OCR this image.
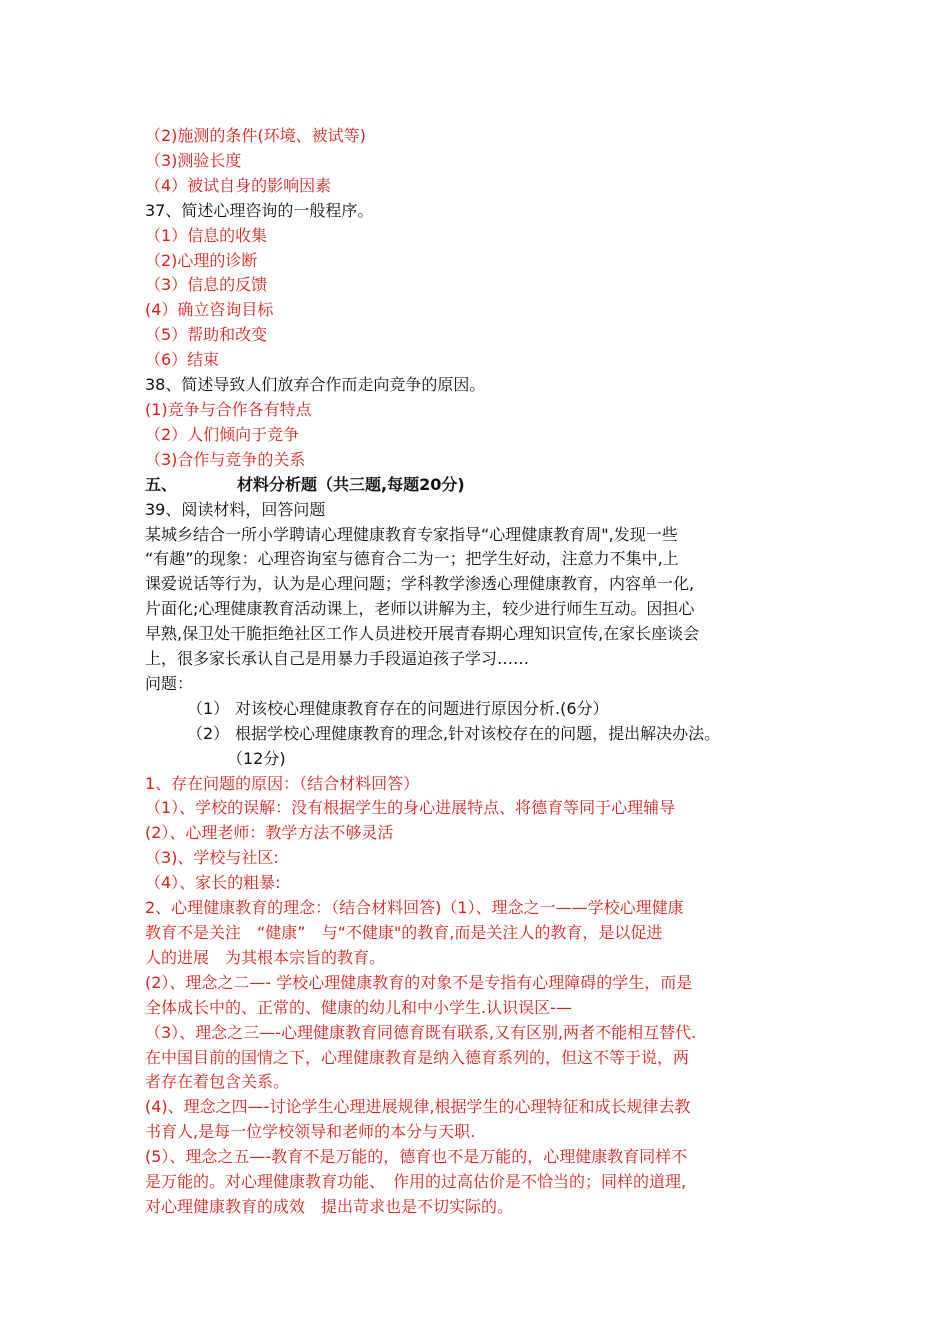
（2)施测的条件(环境、被试等)
（3)测验长度
（4）被试自身的影响因素
37、简述心理咨询的一般程序。
（1）信息的收集
（2)心理的诊断
（3）信息的反馈
(4）确立咨询目标
（5）帮助和改变
（6）结束
38、简述导致人们放弃合作而走向竞争的原因。
(1)竞争与合作各有特点
（2）人们倾向于竞争
（3)合作与竞争的关系
五、	材料分析题（共三题,每题20分)
39、阅读材料，回答问题
某城乡结合一所小学聘请心理健康教育专家指导“心理健康教育周",发现一些
“有趣”的现象：心理咨询室与德育合二为一；把学生好动，注意力不集中,上
课爱说话等行为，认为是心理问题；学科教学渗透心理健康教育，内容单一化,
片面化;心理健康教育活动课上，老师以讲解为主，较少进行师生互动。因担心
早熟,保卫处干脆拒绝社区工作人员进校开展青春期心理知识宣传,在家长座谈会
上，很多家长承认自己是用暴力手段逼迫孩子学习……
问题：
（1） 对该校心理健康教育存在的问题进行原因分析.(6分）
（2） 根据学校心理健康教育的理念,针对该校存在的问题，提出解决办法。
（12分)
1、存在问题的原因：（结合材料回答）
（1）、学校的误解：没有根据学生的身心进展特点、将德育等同于心理辅导
(2）、心理老师：教学方法不够灵活
（3)、学校与社区:
（4）、家长的粗暴:
2、心理健康教育的理念：（结合材料回答)（1）、理念之一——学校心理健康
教育不是关注　“健康”　与“不健康"的教育,而是关注人的教育，是以促进
人的进展　为其根本宗旨的教育。
(2）、理念之二—- 学校心理健康教育的对象不是专指有心理障碍的学生，而是
全体成长中的、正常的、健康的幼儿和中小学生.认识误区-—
（3）、理念之三—-心理健康教育同德育既有联系,又有区别,两者不能相互替代.
在中国目前的国情之下，心理健康教育是纳入德育系列的，但这不等于说，两
者存在着包含关系。
(4)、理念之四—-讨论学生心理进展规律,根据学生的心理特征和成长规律去教
书育人,是每一位学校领导和老师的本分与天职.
(5）、理念之五—-教育不是万能的，德育也不是万能的，心理健康教育同样不
是万能的。对心理健康教育功能、　作用的过高估价是不恰当的；同样的道理,
对心理健康教育的成效　提出苛求也是不切实际的。
